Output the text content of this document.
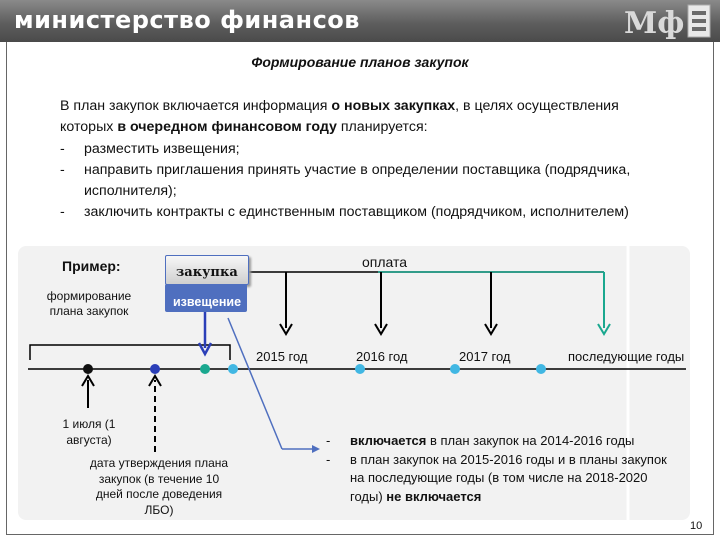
министерство финансов	Мф
Формирование планов закупок

В план закупок включается информация о новых закупках, в целях осуществления которых в очередном финансовом году планируется:

- разместить извещения;

- направить приглашения принять участие в определении поставщика (подрядчика, исполнителя);

- заключить контракты с единственным поставщиком (подрядчиком, исполнителем)

Пример:
формирование плана закупок
закупка
извещение
оплата
2015 год	2016 год	2017 год	последующие годы
1 июля (1 августа)
дата утверждения плана закупок (в течение 10 дней после доведения ЛБО)
- включается в план закупок на 2014-2016 годы
- в план закупок на 2015-2016 годы и в планы закупок на последующие годы (в том числе на 2018-2020 годы) не включается
10
